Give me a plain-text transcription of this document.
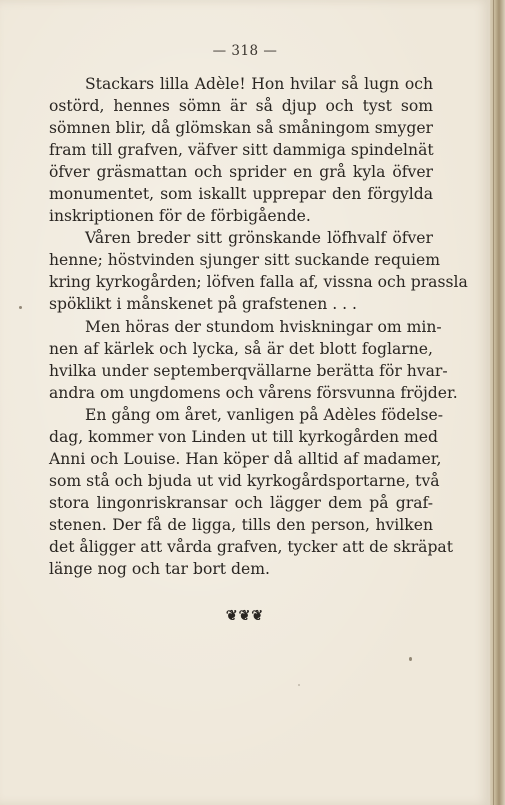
— 318 —
Stackars lilla Adèle! Hon hvilar så lugn och
ostörd, hennes sömn är så djup och tyst som
sömnen blir, då glömskan så småningom smyger
fram till grafven, väfver sitt dammiga spindelnät
öfver gräsmattan och sprider en grå kyla öfver
monumentet, som iskallt upprepar den förgylda
inskriptionen för de förbigående.
Våren breder sitt grönskande löfhvalf öfver
henne; höstvinden sjunger sitt suckande requiem
kring kyrkogården; löfven falla af, vissna och prassla
spöklikt i månskenet på grafstenen . . .
Men höras der stundom hviskningar om min-
nen af kärlek och lycka, så är det blott foglarne,
hvilka under septemberqvällarne berätta för hvar-
andra om ungdomens och vårens försvunna fröjder.
En gång om året, vanligen på Adèles födelse-
dag, kommer von Linden ut till kyrkogården med
Anni och Louise. Han köper då alltid af madamer,
som stå och bjuda ut vid kyrkogårdsportarne, två
stora lingonriskransar och lägger dem på graf-
stenen. Der få de ligga, tills den person, hvilken
det åligger att vårda grafven, tycker att de skräpat
länge nog och tar bort dem.
❦❦❦
